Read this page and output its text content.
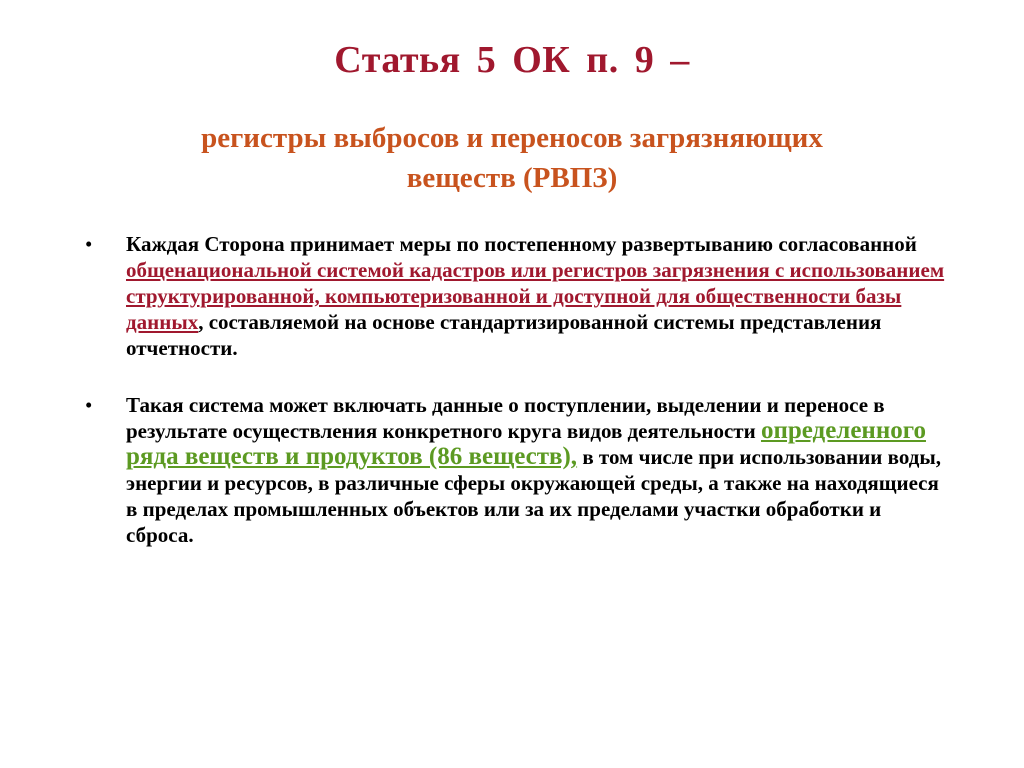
Статья 5 ОК п. 9 –
регистры выбросов и переносов загрязняющих
веществ (РВПЗ)
• Каждая Сторона принимает меры по постепенному развертыванию согласованной общенациональной системой кадастров или регистров загрязнения с использованием структурированной, компьютеризованной и доступной для общественности базы данных, составляемой на основе стандартизированной системы представления отчетности.
• Такая система может включать данные о поступлении, выделении и переносе в результате осуществления конкретного круга видов деятельности определенного ряда веществ и продуктов (86 веществ), в том числе при использовании воды, энергии и ресурсов, в различные сферы окружающей среды, а также на находящиеся в пределах промышленных объектов или за их пределами участки обработки и сброса.
